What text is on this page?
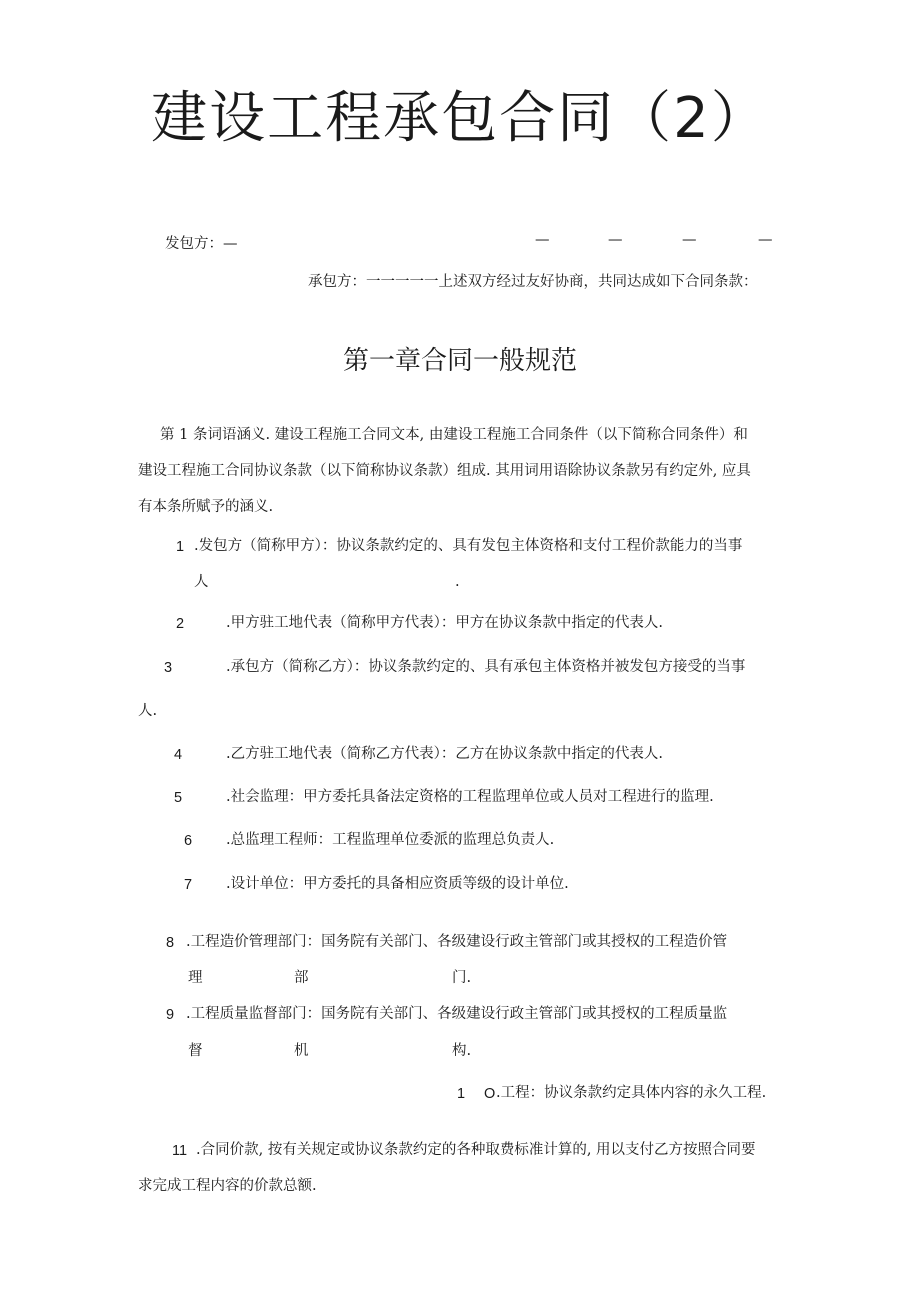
建设工程承包合同（2）
发包方：—	—	—	—	—
承包方：一一一一一上述双方经过友好协商，共同达成如下合同条款：
第一章合同一般规范
第 1 条词语涵义. 建设工程施工合同文本, 由建设工程施工合同条件（以下简称合同条件）和
建设工程施工合同协议条款（以下简称协议条款）组成. 其用词用语除协议条款另有约定外, 应具
有本条所赋予的涵义.
1 .发包方（简称甲方）：协议条款约定的、具有发包主体资格和支付工程价款能力的当事
人	.
2	.甲方驻工地代表（简称甲方代表）：甲方在协议条款中指定的代表人.
3	.承包方（简称乙方）：协议条款约定的、具有承包主体资格并被发包方接受的当事
人.
4	.乙方驻工地代表（简称乙方代表）：乙方在协议条款中指定的代表人.
5	.社会监理：甲方委托具备法定资格的工程监理单位或人员对工程进行的监理.
6 .总监理工程师：工程监理单位委派的监理总负责人.
7 .设计单位：甲方委托的具备相应资质等级的设计单位.
8 .工程造价管理部门：国务院有关部门、各级建设行政主管部门或其授权的工程造价管
理	部	门.
9 .工程质量监督部门：国务院有关部门、各级建设行政主管部门或其授权的工程质量监
督	机	构.
1 O .工程：协议条款约定具体内容的永久工程.
11 .合同价款, 按有关规定或协议条款约定的各种取费标准计算的, 用以支付乙方按照合同要
求完成工程内容的价款总额.
